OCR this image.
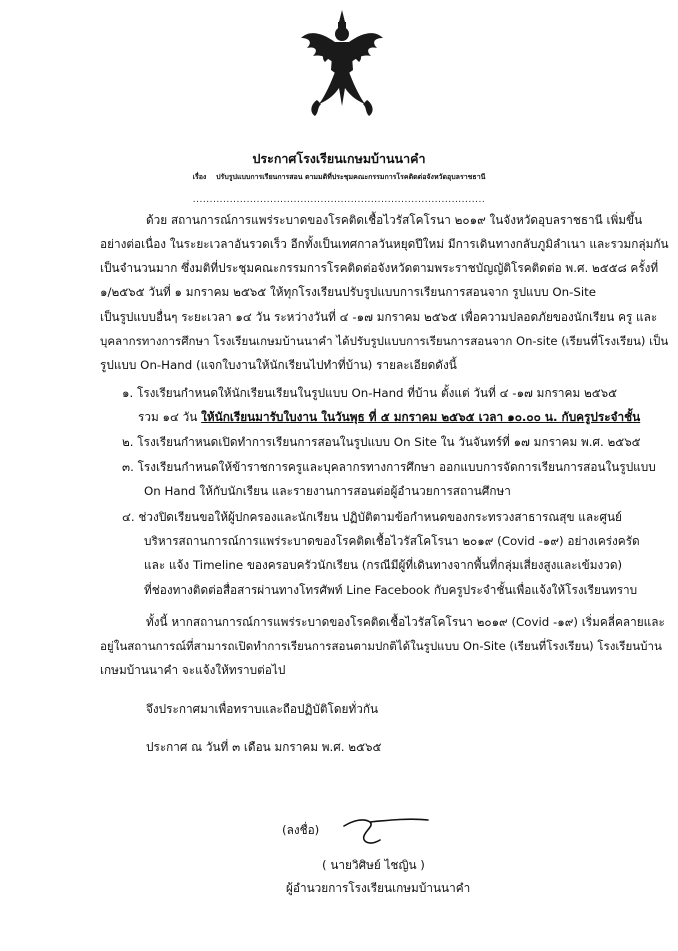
ประกาศโรงเรียนเกษมบ้านนาคำ
เรื่อง ปรับรูปแบบการเรียนการสอน ตามมติที่ประชุมคณะกรรมการโรคติดต่อจังหวัดอุบลราชธานี
.......................................................................................
ด้วย สถานการณ์การแพร่ระบาดของโรคติดเชื้อไวรัสโคโรนา ๒๐๑๙ ในจังหวัดอุบลราชธานี เพิ่มขึ้น
อย่างต่อเนื่อง ในระยะเวลาอันรวดเร็ว อีกทั้งเป็นเทศกาลวันหยุดปีใหม่ มีการเดินทางกลับภูมิลำเนา และรวมกลุ่มกัน
เป็นจำนวนมาก ซึ่งมติที่ประชุมคณะกรรมการโรคติดต่อจังหวัดตามพระราชบัญญัติโรคติดต่อ พ.ศ. ๒๕๕๘ ครั้งที่
๑/๒๕๖๕ วันที่ ๑ มกราคม ๒๕๖๕ ให้ทุกโรงเรียนปรับรูปแบบการเรียนการสอนจาก รูปแบบ On-Site
เป็นรูปแบบอื่นๆ ระยะเวลา ๑๔ วัน ระหว่างวันที่ ๔ -๑๗ มกราคม ๒๕๖๕ เพื่อความปลอดภัยของนักเรียน ครู และ
บุคลากรทางการศึกษา โรงเรียนเกษมบ้านนาคำ ได้ปรับรูปแบบการเรียนการสอนจาก On-site (เรียนที่โรงเรียน) เป็น
รูปแบบ On-Hand (แจกใบงานให้นักเรียนไปทำที่บ้าน) รายละเอียดดังนี้
๑. โรงเรียนกำหนดให้นักเรียนเรียนในรูปแบบ On-Hand ที่บ้าน ตั้งแต่ วันที่ ๔ -๑๗ มกราคม ๒๕๖๕
รวม ๑๔ วัน ให้นักเรียนมารับใบงาน ในวันพุธ ที่ ๕ มกราคม ๒๕๖๕ เวลา ๑๐.๐๐ น. กับครูประจำชั้น
๒. โรงเรียนกำหนดเปิดทำการเรียนการสอนในรูปแบบ On Site ใน วันจันทร์ที่ ๑๗ มกราคม พ.ศ. ๒๕๖๕
๓. โรงเรียนกำหนดให้ข้าราชการครูและบุคลากรทางการศึกษา ออกแบบการจัดการเรียนการสอนในรูปแบบ
On Hand ให้กับนักเรียน และรายงานการสอนต่อผู้อำนวยการสถานศึกษา
๔. ช่วงปิดเรียนขอให้ผู้ปกครองและนักเรียน ปฏิบัติตามข้อกำหนดของกระทรวงสาธารณสุข และศูนย์
บริหารสถานการณ์การแพร่ระบาดของโรคติดเชื้อไวรัสโคโรนา ๒๐๑๙ (Covid -๑๙) อย่างเคร่งครัด
และ แจ้ง Timeline ของครอบครัวนักเรียน (กรณีมีผู้ที่เดินทางจากพื้นที่กลุ่มเสี่ยงสูงและเข้มงวด)
ที่ช่องทางติดต่อสื่อสารผ่านทางโทรศัพท์ Line Facebook กับครูประจำชั้นเพื่อแจ้งให้โรงเรียนทราบ
ทั้งนี้ หากสถานการณ์การแพร่ระบาดของโรคติดเชื้อไวรัสโคโรนา ๒๐๑๙ (Covid -๑๙) เริ่มคลี่คลายและ
อยู่ในสถานการณ์ที่สามารถเปิดทำการเรียนการสอนตามปกติได้ในรูปแบบ On-Site (เรียนที่โรงเรียน) โรงเรียนบ้าน
เกษมบ้านนาคำ จะแจ้งให้ทราบต่อไป
จึงประกาศมาเพื่อทราบและถือปฏิบัติโดยทั่วกัน
ประกาศ ณ วันที่ ๓ เดือน มกราคม พ.ศ. ๒๕๖๕
(ลงชื่อ)
( นายวิศิษย์ ไชญิน )
ผู้อำนวยการโรงเรียนเกษมบ้านนาคำ
